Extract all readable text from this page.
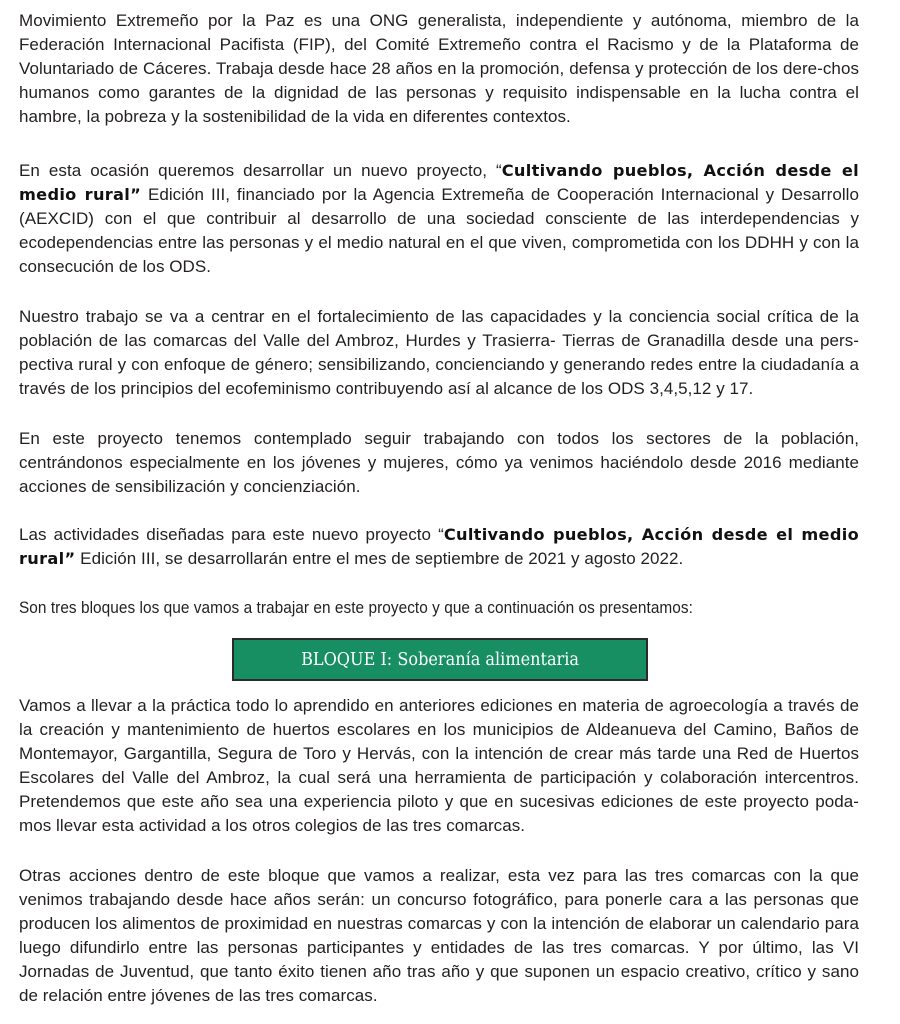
Movimiento Extremeño por la Paz es una ONG generalista, independiente y autónoma, miembro de la Federación Internacional Pacifista (FIP), del Comité Extremeño contra el Racismo y de la Plataforma de Voluntariado de Cáceres. Trabaja desde hace 28 años en la promoción, defensa y protección de los dere-chos humanos como garantes de la dignidad de las personas y requisito indispensable en la lucha contra el hambre, la pobreza y la sostenibilidad de la vida en diferentes contextos.

En esta ocasión queremos desarrollar un nuevo proyecto, “Cultivando pueblos, Acción desde el medio rural” Edición III, financiado por la Agencia Extremeña de Cooperación Internacional y Desarrollo (AEXCID) con el que contribuir al desarrollo de una sociedad consciente de las interdependencias y ecodependencias entre las personas y el medio natural en el que viven, comprometida con los DDHH y con la consecución de los ODS.

Nuestro trabajo se va a centrar en el fortalecimiento de las capacidades y la conciencia social crítica de la población de las comarcas del Valle del Ambroz, Hurdes y Trasierra- Tierras de Granadilla desde una pers-pectiva rural y con enfoque de género; sensibilizando, concienciando y generando redes entre la ciudadanía a través de los principios del ecofeminismo contribuyendo así al alcance de los ODS 3,4,5,12 y 17.

En este proyecto tenemos contemplado seguir trabajando con todos los sectores de la población, centrándonos especialmente en los jóvenes y mujeres, cómo ya venimos haciéndolo desde 2016 mediante acciones de sensibilización y concienziación.

Las actividades diseñadas para este nuevo proyecto “Cultivando pueblos, Acción desde el medio rural” Edición III, se desarrollarán entre el mes de septiembre de 2021 y agosto 2022.

Son tres bloques los que vamos a trabajar en este proyecto y que a continuación os presentamos:

Vamos a llevar a la práctica todo lo aprendido en anteriores ediciones en materia de agroecología a través de la creación y mantenimiento de huertos escolares en los municipios de Aldeanueva del Camino, Baños de Montemayor, Gargantilla, Segura de Toro y Hervás, con la intención de crear más tarde una Red de Huertos Escolares del Valle del Ambroz, la cual será una herramienta de participación y colaboración intercentros. Pretendemos que este año sea una experiencia piloto y que en sucesivas ediciones de este proyecto poda-mos llevar esta actividad a los otros colegios de las tres comarcas.

Otras acciones dentro de este bloque que vamos a realizar, esta vez para las tres comarcas con la que venimos trabajando desde hace años serán: un concurso fotográfico, para ponerle cara a las personas que producen los alimentos de proximidad en nuestras comarcas y con la intención de elaborar un calendario para luego difundirlo entre las personas participantes y entidades de las tres comarcas. Y por último, las VI Jornadas de Juventud, que tanto éxito tienen año tras año y que suponen un espacio creativo, crítico y sano de relación entre jóvenes de las tres comarcas.

BLOQUE I: Soberanía alimentaria
